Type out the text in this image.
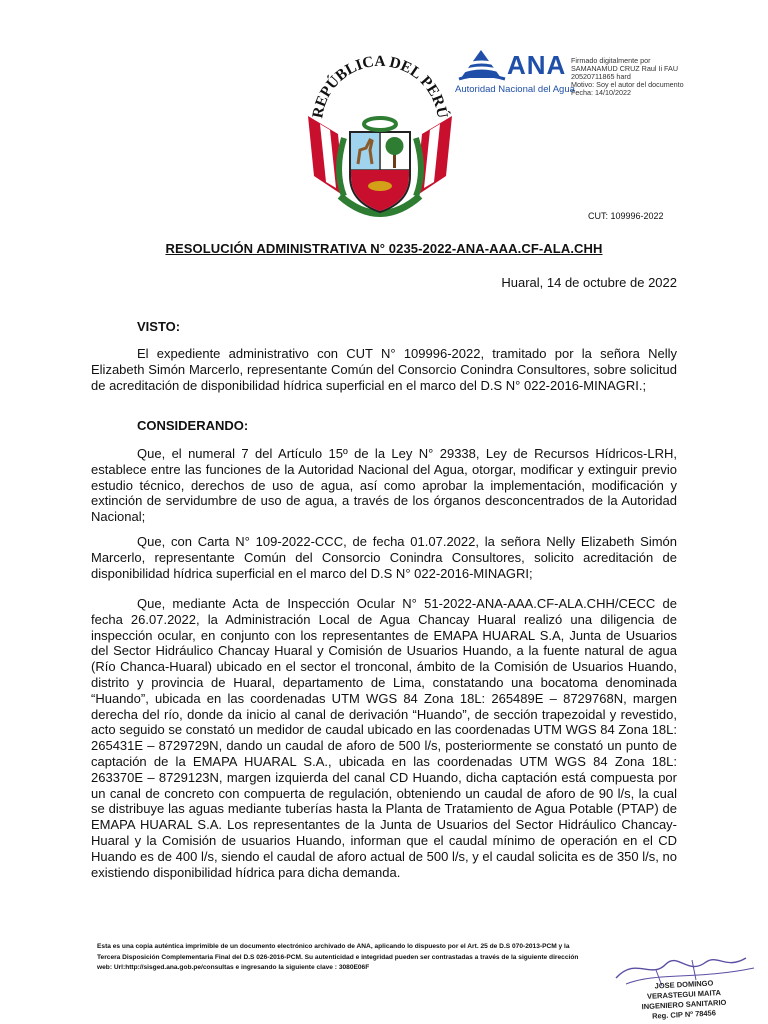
REPÚBLICA DEL PERÚ
ANA
Autoridad Nacional del Agua
Firmado digitalmente por
SAMANAMUD CRUZ Raul Ii FAU
20520711865 hard
Motivo: Soy el autor del documento
Fecha: 14/10/2022
CUT: 109996-2022
RESOLUCIÓN ADMINISTRATIVA N° 0235-2022-ANA-AAA.CF-ALA.CHH
Huaral, 14 de octubre de 2022
VISTO:

El expediente administrativo con CUT N° 109996-2022, tramitado por la señora Nelly Elizabeth Simón Marcerlo, representante Común del Consorcio Conindra Consultores, sobre solicitud de acreditación de disponibilidad hídrica superficial en el marco del D.S N° 022-2016-MINAGRI.;

CONSIDERANDO:

Que, el numeral 7 del Artículo 15º de la Ley N° 29338, Ley de Recursos Hídricos-LRH, establece entre las funciones de la Autoridad Nacional del Agua, otorgar, modificar y extinguir previo estudio técnico, derechos de uso de agua, así como aprobar la implementación, modificación y extinción de servidumbre de uso de agua, a través de los órganos desconcentrados de la Autoridad Nacional;

Que, con Carta N° 109-2022-CCC, de fecha 01.07.2022, la señora Nelly Elizabeth Simón Marcerlo, representante Común del Consorcio Conindra Consultores, solicito acreditación de disponibilidad hídrica superficial en el marco del D.S N° 022-2016-MINAGRI;

Que, mediante Acta de Inspección Ocular N° 51-2022-ANA-AAA.CF-ALA.CHH/CECC de fecha 26.07.2022, la Administración Local de Agua Chancay Huaral realizó una diligencia de inspección ocular, en conjunto con los representantes de EMAPA HUARAL S.A, Junta de Usuarios del Sector Hidráulico Chancay Huaral y Comisión de Usuarios Huando, a la fuente natural de agua (Río Chanca-Huaral) ubicado en el sector el tronconal, ámbito de la Comisión de Usuarios Huando, distrito y provincia de Huaral, departamento de Lima, constatando una bocatoma denominada “Huando”, ubicada en las coordenadas UTM WGS 84 Zona 18L: 265489E – 8729768N, margen derecha del río, donde da inicio al canal de derivación “Huando”, de sección trapezoidal y revestido, acto seguido se constató un medidor de caudal ubicado en las coordenadas UTM WGS 84 Zona 18L: 265431E – 8729729N, dando un caudal de aforo de 500 l/s, posteriormente se constató un punto de captación de la EMAPA HUARAL S.A., ubicada en las coordenadas UTM WGS 84 Zona 18L: 263370E – 8729123N, margen izquierda del canal CD Huando, dicha captación está compuesta por un canal de concreto con compuerta de regulación, obteniendo un caudal de aforo de 90 l/s, la cual se distribuye las aguas mediante tuberías hasta la Planta de Tratamiento de Agua Potable (PTAP) de EMAPA HUARAL S.A. Los representantes de la Junta de Usuarios del Sector Hidráulico Chancay-Huaral y la Comisión de usuarios Huando, informan que el caudal mínimo de operación en el CD Huando es de 400 l/s, siendo el caudal de aforo actual de 500 l/s, y el caudal solicita es de 350 l/s, no existiendo disponibilidad hídrica para dicha demanda.

Esta es una copia auténtica imprimible de un documento electrónico archivado de ANA, aplicando lo dispuesto por el Art. 25 de D.S 070-2013-PCM y la
Tercera Disposición Complementaria Final del D.S 026-2016-PCM. Su autenticidad e integridad pueden ser contrastadas a través de la siguiente dirección
web: Url:http://sisged.ana.gob.pe/consultas e ingresando la siguiente clave : 3080E06F
JOSE DOMINGO
VERASTEGUI MAITA
INGENIERO SANITARIO
Reg. CIP Nº 78456
